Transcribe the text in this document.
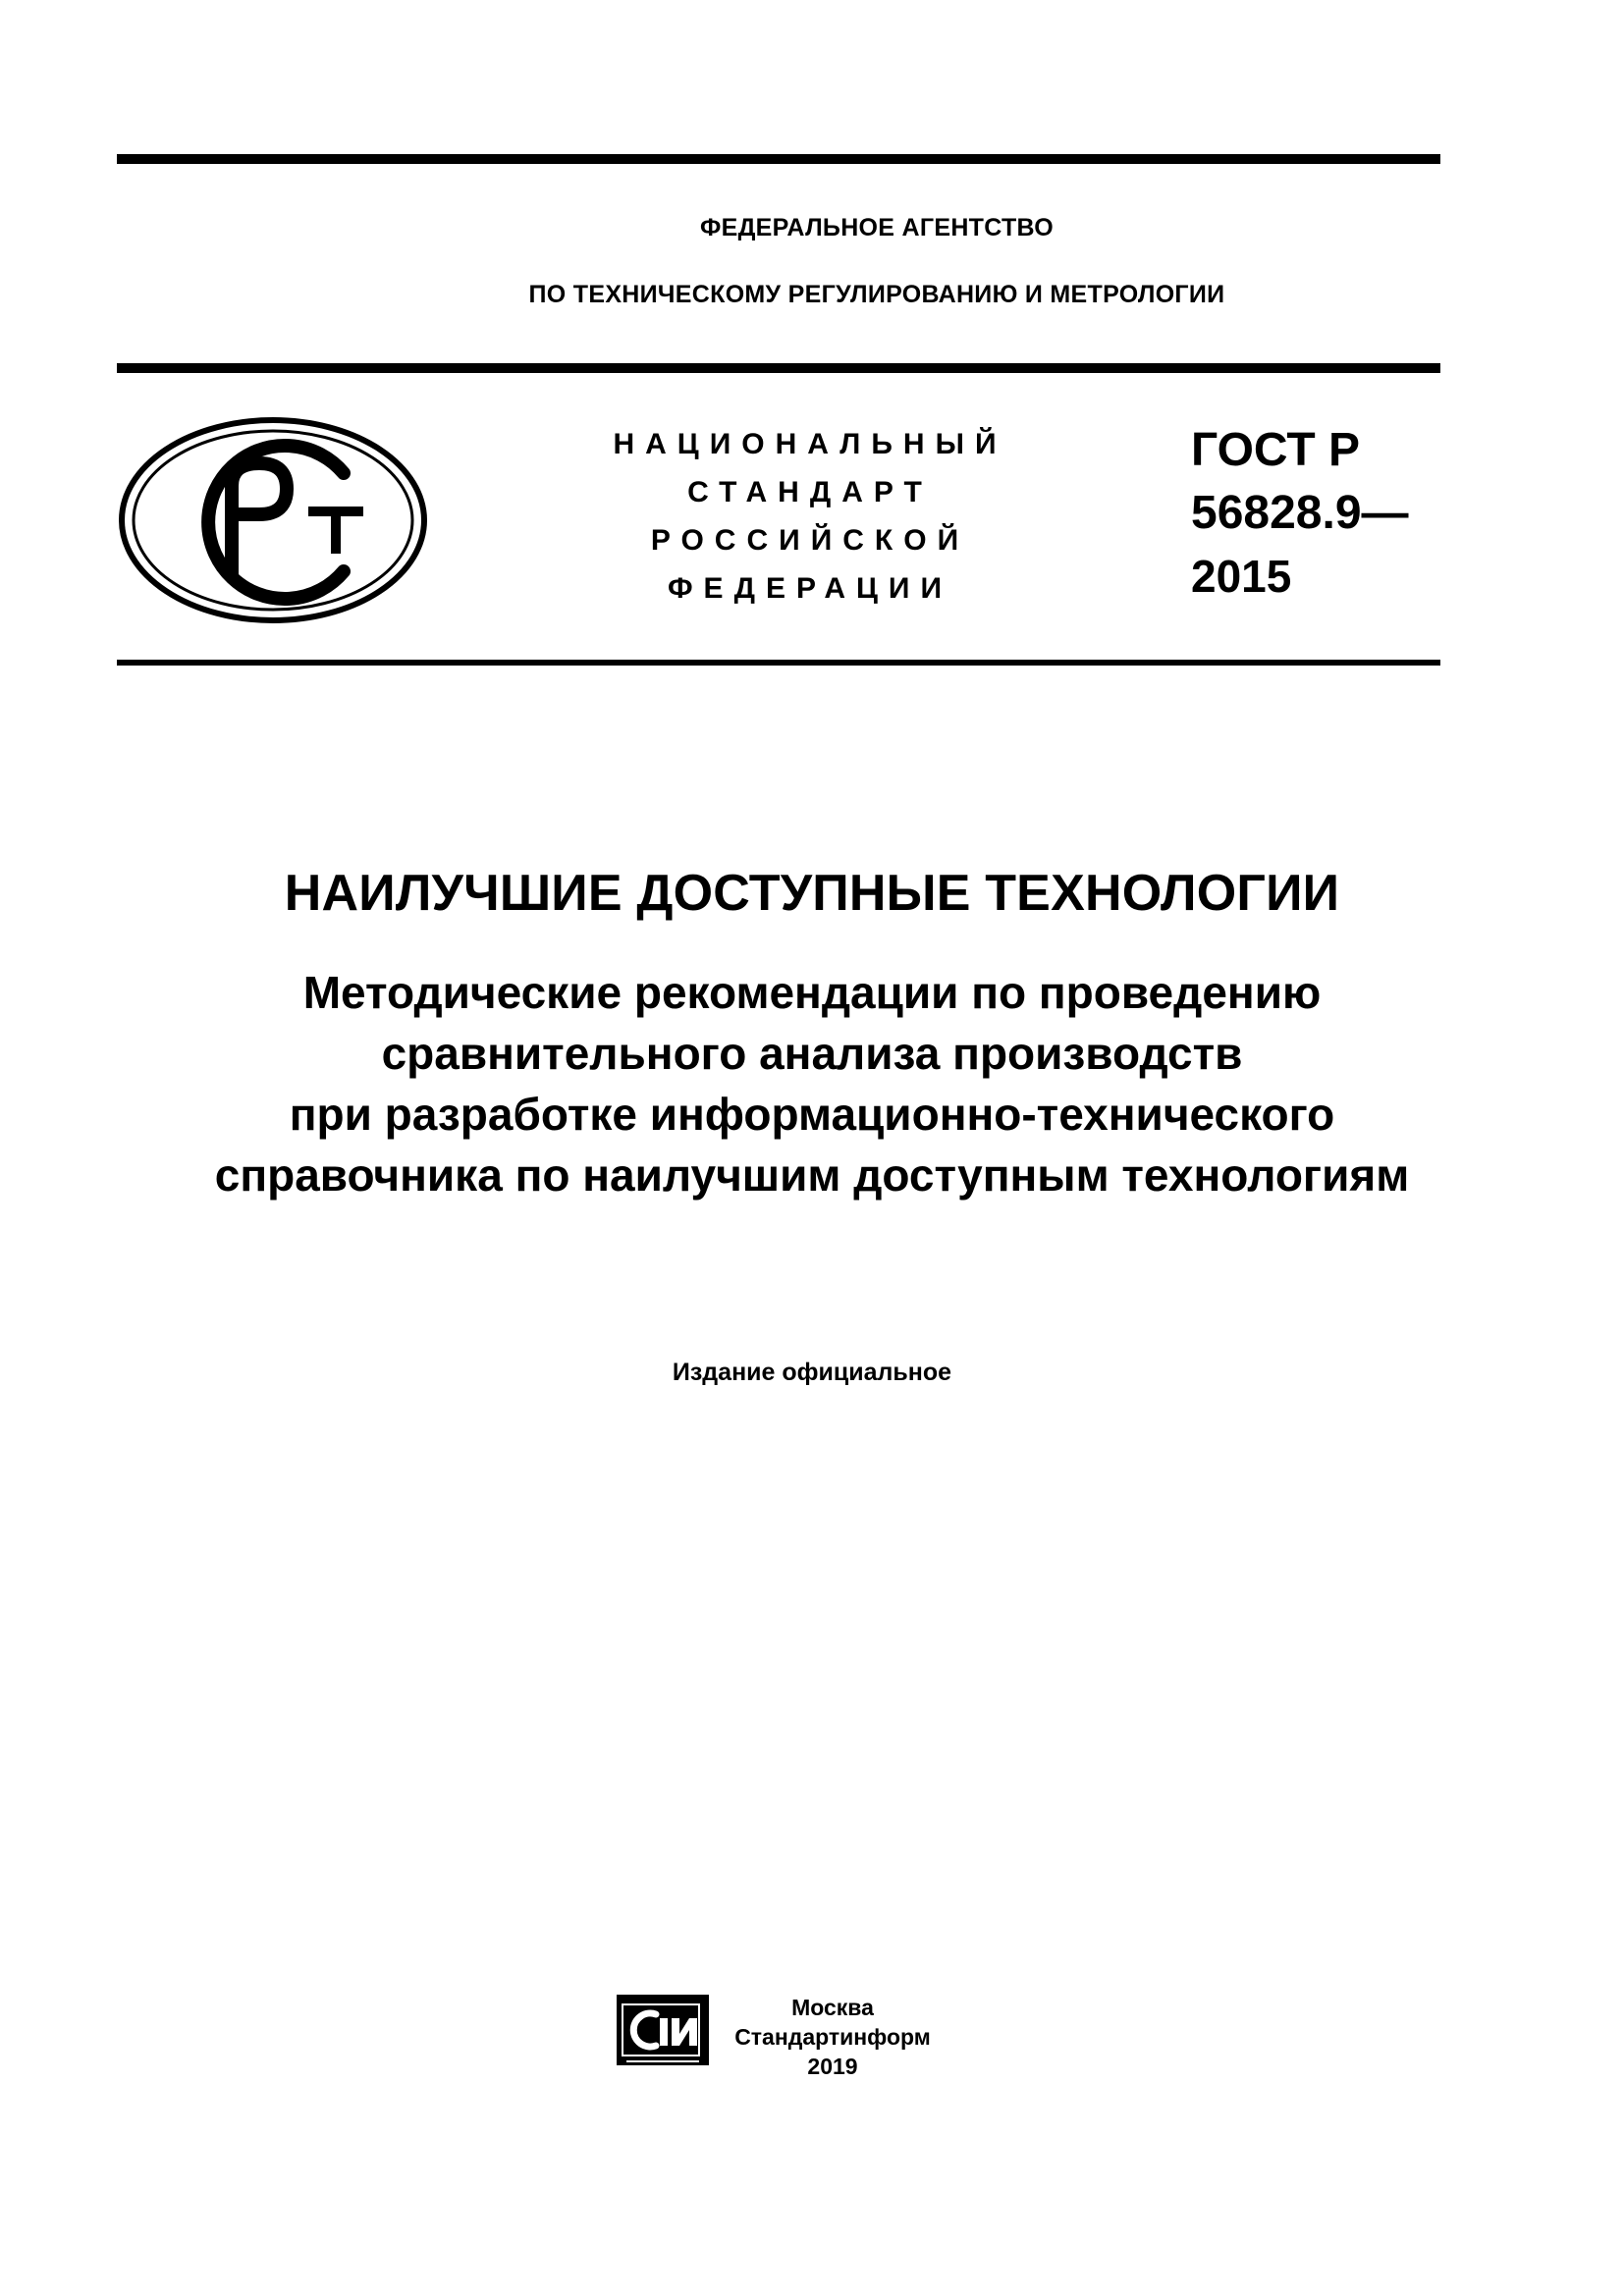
ФЕДЕРАЛЬНОЕ АГЕНТСТВО
ПО ТЕХНИЧЕСКОМУ РЕГУЛИРОВАНИЮ И МЕТРОЛОГИИ
НАЦИОНАЛЬНЫЙ
СТАНДАРТ
РОССИЙСКОЙ
ФЕДЕРАЦИИ
ГОСТ Р
56828.9—
2015
НАИЛУЧШИЕ ДОСТУПНЫЕ ТЕХНОЛОГИИ
Методические рекомендации по проведению
сравнительного анализа производств
при разработке информационно-технического
справочника по наилучшим доступным технологиям
Издание официальное
Москва
Стандартинформ
2019
